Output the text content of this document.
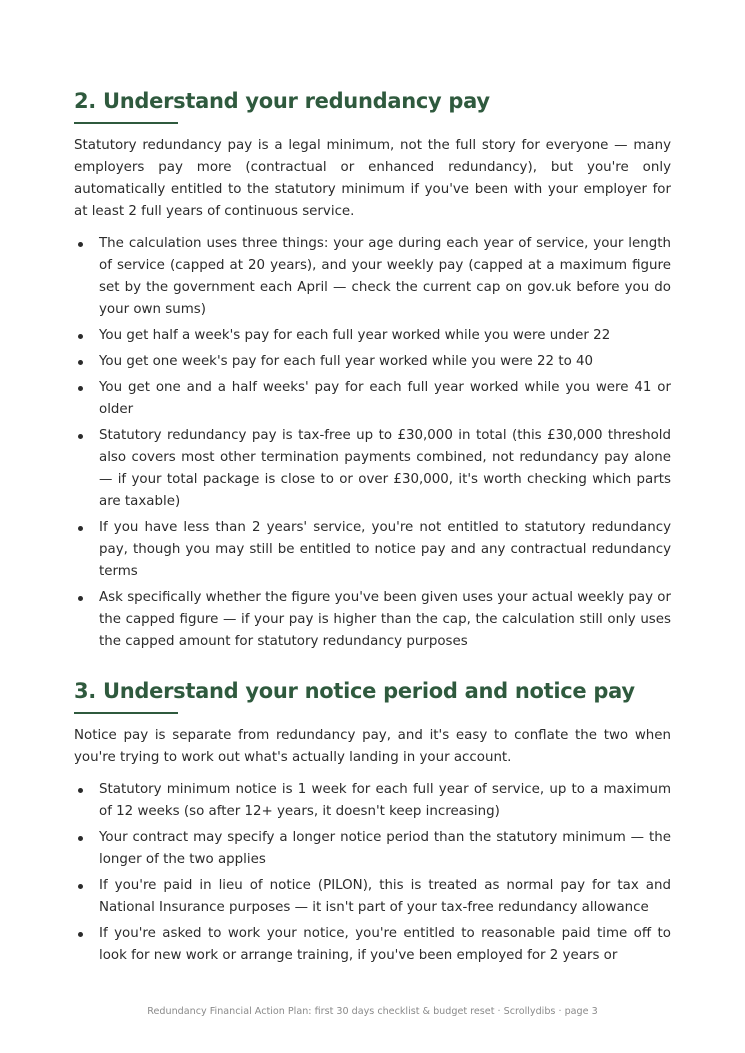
2. Understand your redundancy pay

Statutory redundancy pay is a legal minimum, not the full story for everyone — many employers pay more (contractual or enhanced redundancy), but you're only automatically entitled to the statutory minimum if you've been with your employer for at least 2 full years of continuous service.

The calculation uses three things: your age during each year of service, your length of service (capped at 20 years), and your weekly pay (capped at a maximum figure set by the government each April — check the current cap on gov.uk before you do your own sums)
You get half a week's pay for each full year worked while you were under 22
You get one week's pay for each full year worked while you were 22 to 40
You get one and a half weeks' pay for each full year worked while you were 41 or older
Statutory redundancy pay is tax-free up to £30,000 in total (this £30,000 threshold also covers most other termination payments combined, not redundancy pay alone — if your total package is close to or over £30,000, it's worth checking which parts are taxable)
If you have less than 2 years' service, you're not entitled to statutory redundancy pay, though you may still be entitled to notice pay and any contractual redundancy terms
Ask specifically whether the figure you've been given uses your actual weekly pay or the capped figure — if your pay is higher than the cap, the calculation still only uses the capped amount for statutory redundancy purposes
3. Understand your notice period and notice pay

Notice pay is separate from redundancy pay, and it's easy to conflate the two when you're trying to work out what's actually landing in your account.

Statutory minimum notice is 1 week for each full year of service, up to a maximum of 12 weeks (so after 12+ years, it doesn't keep increasing)
Your contract may specify a longer notice period than the statutory minimum — the longer of the two applies
If you're paid in lieu of notice (PILON), this is treated as normal pay for tax and National Insurance purposes — it isn't part of your tax-free redundancy allowance
If you're asked to work your notice, you're entitled to reasonable paid time off to look for new work or arrange training, if you've been employed for 2 years or
Redundancy Financial Action Plan: first 30 days checklist & budget reset · Scrollydibs · page 3
